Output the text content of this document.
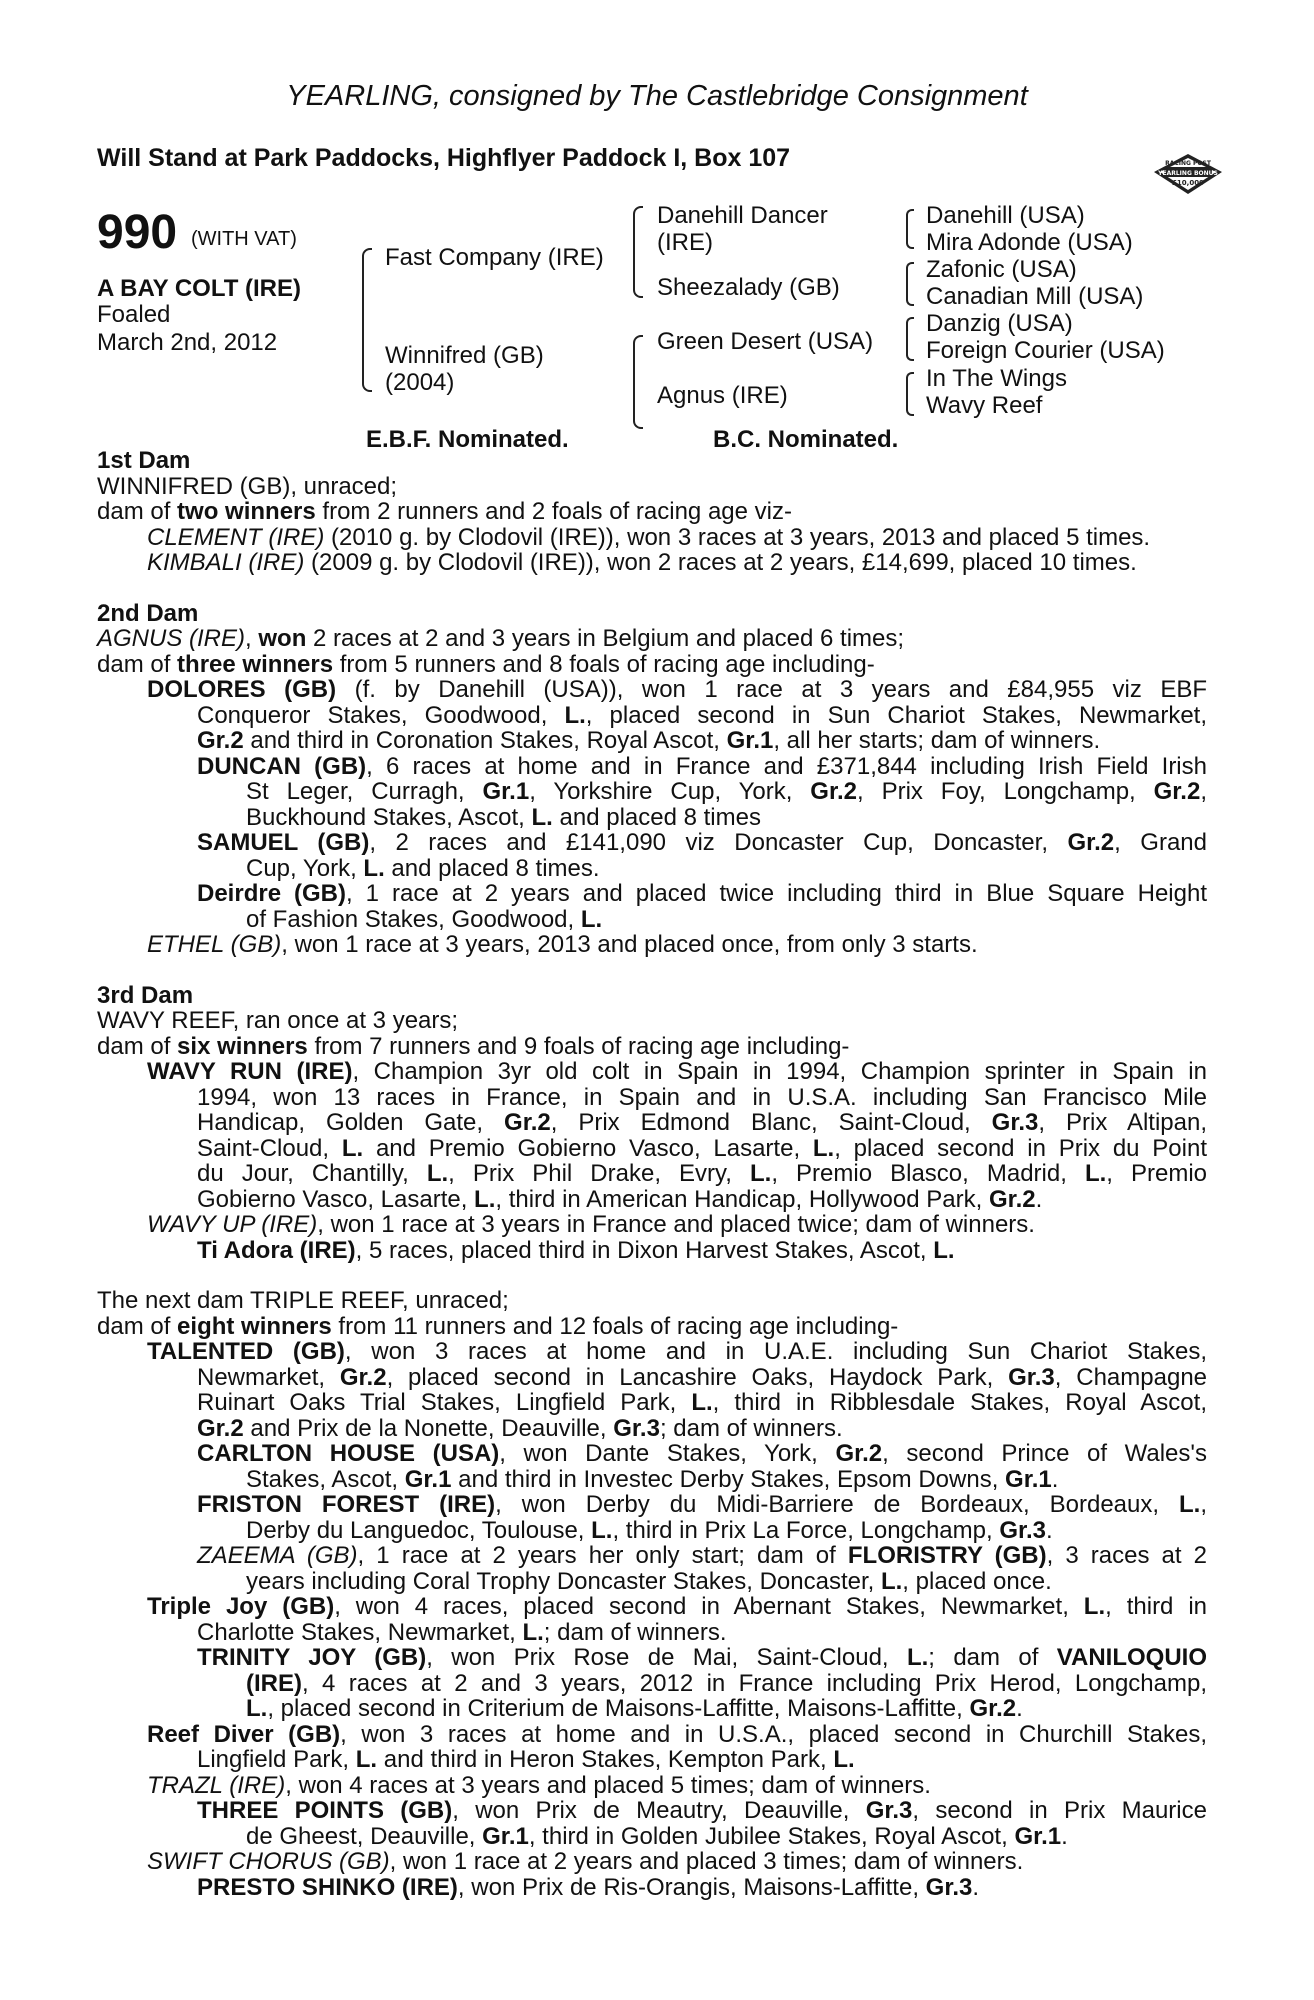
YEARLING, consigned by The Castlebridge Consignment
Will Stand at Park Paddocks, Highflyer Paddock I, Box 107	RACING POST
YEARLING BONUS
£10,000
990 (WITH VAT)
A BAY COLT (IRE)
Foaled
March 2nd, 2012
Fast Company (IRE)
Winnifred (GB)
(2004)
Danehill Dancer
(IRE)
Sheezalady (GB)
Green Desert (USA)
Agnus (IRE)
Danehill (USA)
Mira Adonde (USA)
Zafonic (USA)
Canadian Mill (USA)
Danzig (USA)
Foreign Courier (USA)
In The Wings
Wavy Reef
E.B.F. Nominated.	B.C. Nominated.

1st Dam

WINNIFRED (GB), unraced;

dam of two winners from 2 runners and 2 foals of racing age viz-

CLEMENT (IRE) (2010 g. by Clodovil (IRE)), won 3 races at 3 years, 2013 and placed 5 times.

KIMBALI (IRE) (2009 g. by Clodovil (IRE)), won 2 races at 2 years, £14,699, placed 10 times.

2nd Dam

AGNUS (IRE), won 2 races at 2 and 3 years in Belgium and placed 6 times;

dam of three winners from 5 runners and 8 foals of racing age including-

DOLORES (GB) (f. by Danehill (USA)), won 1 race at 3 years and £84,955 viz EBF

Conqueror Stakes, Goodwood, L., placed second in Sun Chariot Stakes, Newmarket,

Gr.2 and third in Coronation Stakes, Royal Ascot, Gr.1, all her starts; dam of winners.

DUNCAN (GB), 6 races at home and in France and £371,844 including Irish Field Irish

St Leger, Curragh, Gr.1, Yorkshire Cup, York, Gr.2, Prix Foy, Longchamp, Gr.2,

Buckhound Stakes, Ascot, L. and placed 8 times

SAMUEL (GB), 2 races and £141,090 viz Doncaster Cup, Doncaster, Gr.2, Grand

Cup, York, L. and placed 8 times.

Deirdre (GB), 1 race at 2 years and placed twice including third in Blue Square Height

of Fashion Stakes, Goodwood, L.

ETHEL (GB), won 1 race at 3 years, 2013 and placed once, from only 3 starts.

3rd Dam

WAVY REEF, ran once at 3 years;

dam of six winners from 7 runners and 9 foals of racing age including-

WAVY RUN (IRE), Champion 3yr old colt in Spain in 1994, Champion sprinter in Spain in

1994, won 13 races in France, in Spain and in U.S.A. including San Francisco Mile

Handicap, Golden Gate, Gr.2, Prix Edmond Blanc, Saint-Cloud, Gr.3, Prix Altipan,

Saint-Cloud, L. and Premio Gobierno Vasco, Lasarte, L., placed second in Prix du Point

du Jour, Chantilly, L., Prix Phil Drake, Evry, L., Premio Blasco, Madrid, L., Premio

Gobierno Vasco, Lasarte, L., third in American Handicap, Hollywood Park, Gr.2.

WAVY UP (IRE), won 1 race at 3 years in France and placed twice; dam of winners.

Ti Adora (IRE), 5 races, placed third in Dixon Harvest Stakes, Ascot, L.

The next dam TRIPLE REEF, unraced;

dam of eight winners from 11 runners and 12 foals of racing age including-

TALENTED (GB), won 3 races at home and in U.A.E. including Sun Chariot Stakes,

Newmarket, Gr.2, placed second in Lancashire Oaks, Haydock Park, Gr.3, Champagne

Ruinart Oaks Trial Stakes, Lingfield Park, L., third in Ribblesdale Stakes, Royal Ascot,

Gr.2 and Prix de la Nonette, Deauville, Gr.3; dam of winners.

CARLTON HOUSE (USA), won Dante Stakes, York, Gr.2, second Prince of Wales's

Stakes, Ascot, Gr.1 and third in Investec Derby Stakes, Epsom Downs, Gr.1.

FRISTON FOREST (IRE), won Derby du Midi-Barriere de Bordeaux, Bordeaux, L.,

Derby du Languedoc, Toulouse, L., third in Prix La Force, Longchamp, Gr.3.

ZAEEMA (GB), 1 race at 2 years her only start; dam of FLORISTRY (GB), 3 races at 2

years including Coral Trophy Doncaster Stakes, Doncaster, L., placed once.

Triple Joy (GB), won 4 races, placed second in Abernant Stakes, Newmarket, L., third in

Charlotte Stakes, Newmarket, L.; dam of winners.

TRINITY JOY (GB), won Prix Rose de Mai, Saint-Cloud, L.; dam of VANILOQUIO

(IRE), 4 races at 2 and 3 years, 2012 in France including Prix Herod, Longchamp,

L., placed second in Criterium de Maisons-Laffitte, Maisons-Laffitte, Gr.2.

Reef Diver (GB), won 3 races at home and in U.S.A., placed second in Churchill Stakes,

Lingfield Park, L. and third in Heron Stakes, Kempton Park, L.

TRAZL (IRE), won 4 races at 3 years and placed 5 times; dam of winners.

THREE POINTS (GB), won Prix de Meautry, Deauville, Gr.3, second in Prix Maurice

de Gheest, Deauville, Gr.1, third in Golden Jubilee Stakes, Royal Ascot, Gr.1.

SWIFT CHORUS (GB), won 1 race at 2 years and placed 3 times; dam of winners.

PRESTO SHINKO (IRE), won Prix de Ris-Orangis, Maisons-Laffitte, Gr.3.
